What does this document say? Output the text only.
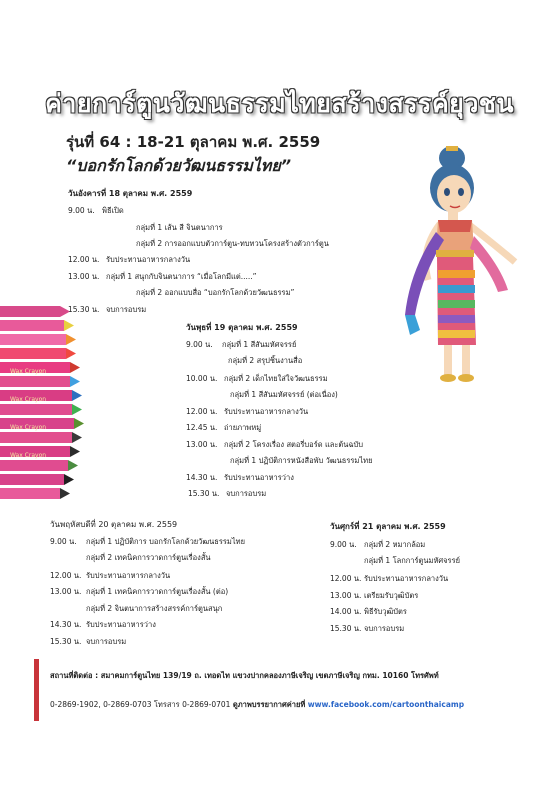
ค่ายการ์ตูนวัฒนธรรมไทยสร้างสรรค์ยุวชน
รุ่นที่ 64 : 18-21 ตุลาคม พ.ศ. 2559
“บอกรักโลกด้วยวัฒนธรรมไทย”
Wax Crayon
Wax Crayon
Wax Crayon
Wax Crayon
วันอังคารที่ 18 ตุลาคม พ.ศ. 2559
9.00 น. พิธีเปิด
กลุ่มที่ 1 เส้น สี จินตนาการ
กลุ่มที่ 2 การออกแบบตัวการ์ตูน-ทบทวนโครงสร้างตัวการ์ตูน
12.00 น. รับประทานอาหารกลางวัน
13.00 น. กลุ่มที่ 1 สนุกกับจินตนาการ “เมื่อโลกมีแต่.....”
กลุ่มที่ 2 ออกแบบสื่อ “บอกรักโลกด้วยวัฒนธรรม”
15.30 น. จบการอบรม
วันพุธที่ 19 ตุลาคม พ.ศ. 2559
9.00 น. กลุ่มที่ 1 สีสันมหัศจรรย์
กลุ่มที่ 2 สรุปชิ้นงานสื่อ
10.00 น. กลุ่มที่ 2 เด็กไทยใส่ใจวัฒนธรรม
กลุ่มที่ 1 สีสันมหัศจรรย์ (ต่อเนื่อง)
12.00 น. รับประทานอาหารกลางวัน
12.45 น. ถ่ายภาพหมู่
13.00 น. กลุ่มที่ 2 โครงเรื่อง สตอรี่บอร์ด และต้นฉบับ
กลุ่มที่ 1 ปฏิบัติการหนังสือพับ วัฒนธรรมไทย
14.30 น. รับประทานอาหารว่าง
15.30 น. จบการอบรม
วันพฤหัสบดีที่ 20 ตุลาคม พ.ศ. 2559
9.00 น. กลุ่มที่ 1 ปฏิบัติการ บอกรักโลกด้วยวัฒนธรรมไทย
กลุ่มที่ 2 เทคนิคการวาดการ์ตูนเรื่องสั้น
12.00 น. รับประทานอาหารกลางวัน
13.00 น. กลุ่มที่ 1 เทคนิคการวาดการ์ตูนเรื่องสั้น (ต่อ)
กลุ่มที่ 2 จินตนาการสร้างสรรค์การ์ตูนสนุก
14.30 น. รับประทานอาหารว่าง
15.30 น. จบการอบรม
วันศุกร์ที่ 21 ตุลาคม พ.ศ. 2559
9.00 น. กลุ่มที่ 2 หมากล้อม
กลุ่มที่ 1 โลกการ์ตูนมหัศจรรย์
12.00 น. รับประทานอาหารกลางวัน
13.00 น. เตรียมรับวุฒิบัตร
14.00 น. พิธีรับวุฒิบัตร
15.30 น. จบการอบรม
สถานที่ติดต่อ : สมาคมการ์ตูนไทย 139/19 ถ. เทอดไท แขวงปากคลองภาษีเจริญ เขตภาษีเจริญ กทม. 10160 โทรศัพท์
0-2869-1902, 0-2869-0703 โทรสาร 0-2869-0701 ดูภาพบรรยากาศค่ายที่ www.facebook.com/cartoonthaicamp
